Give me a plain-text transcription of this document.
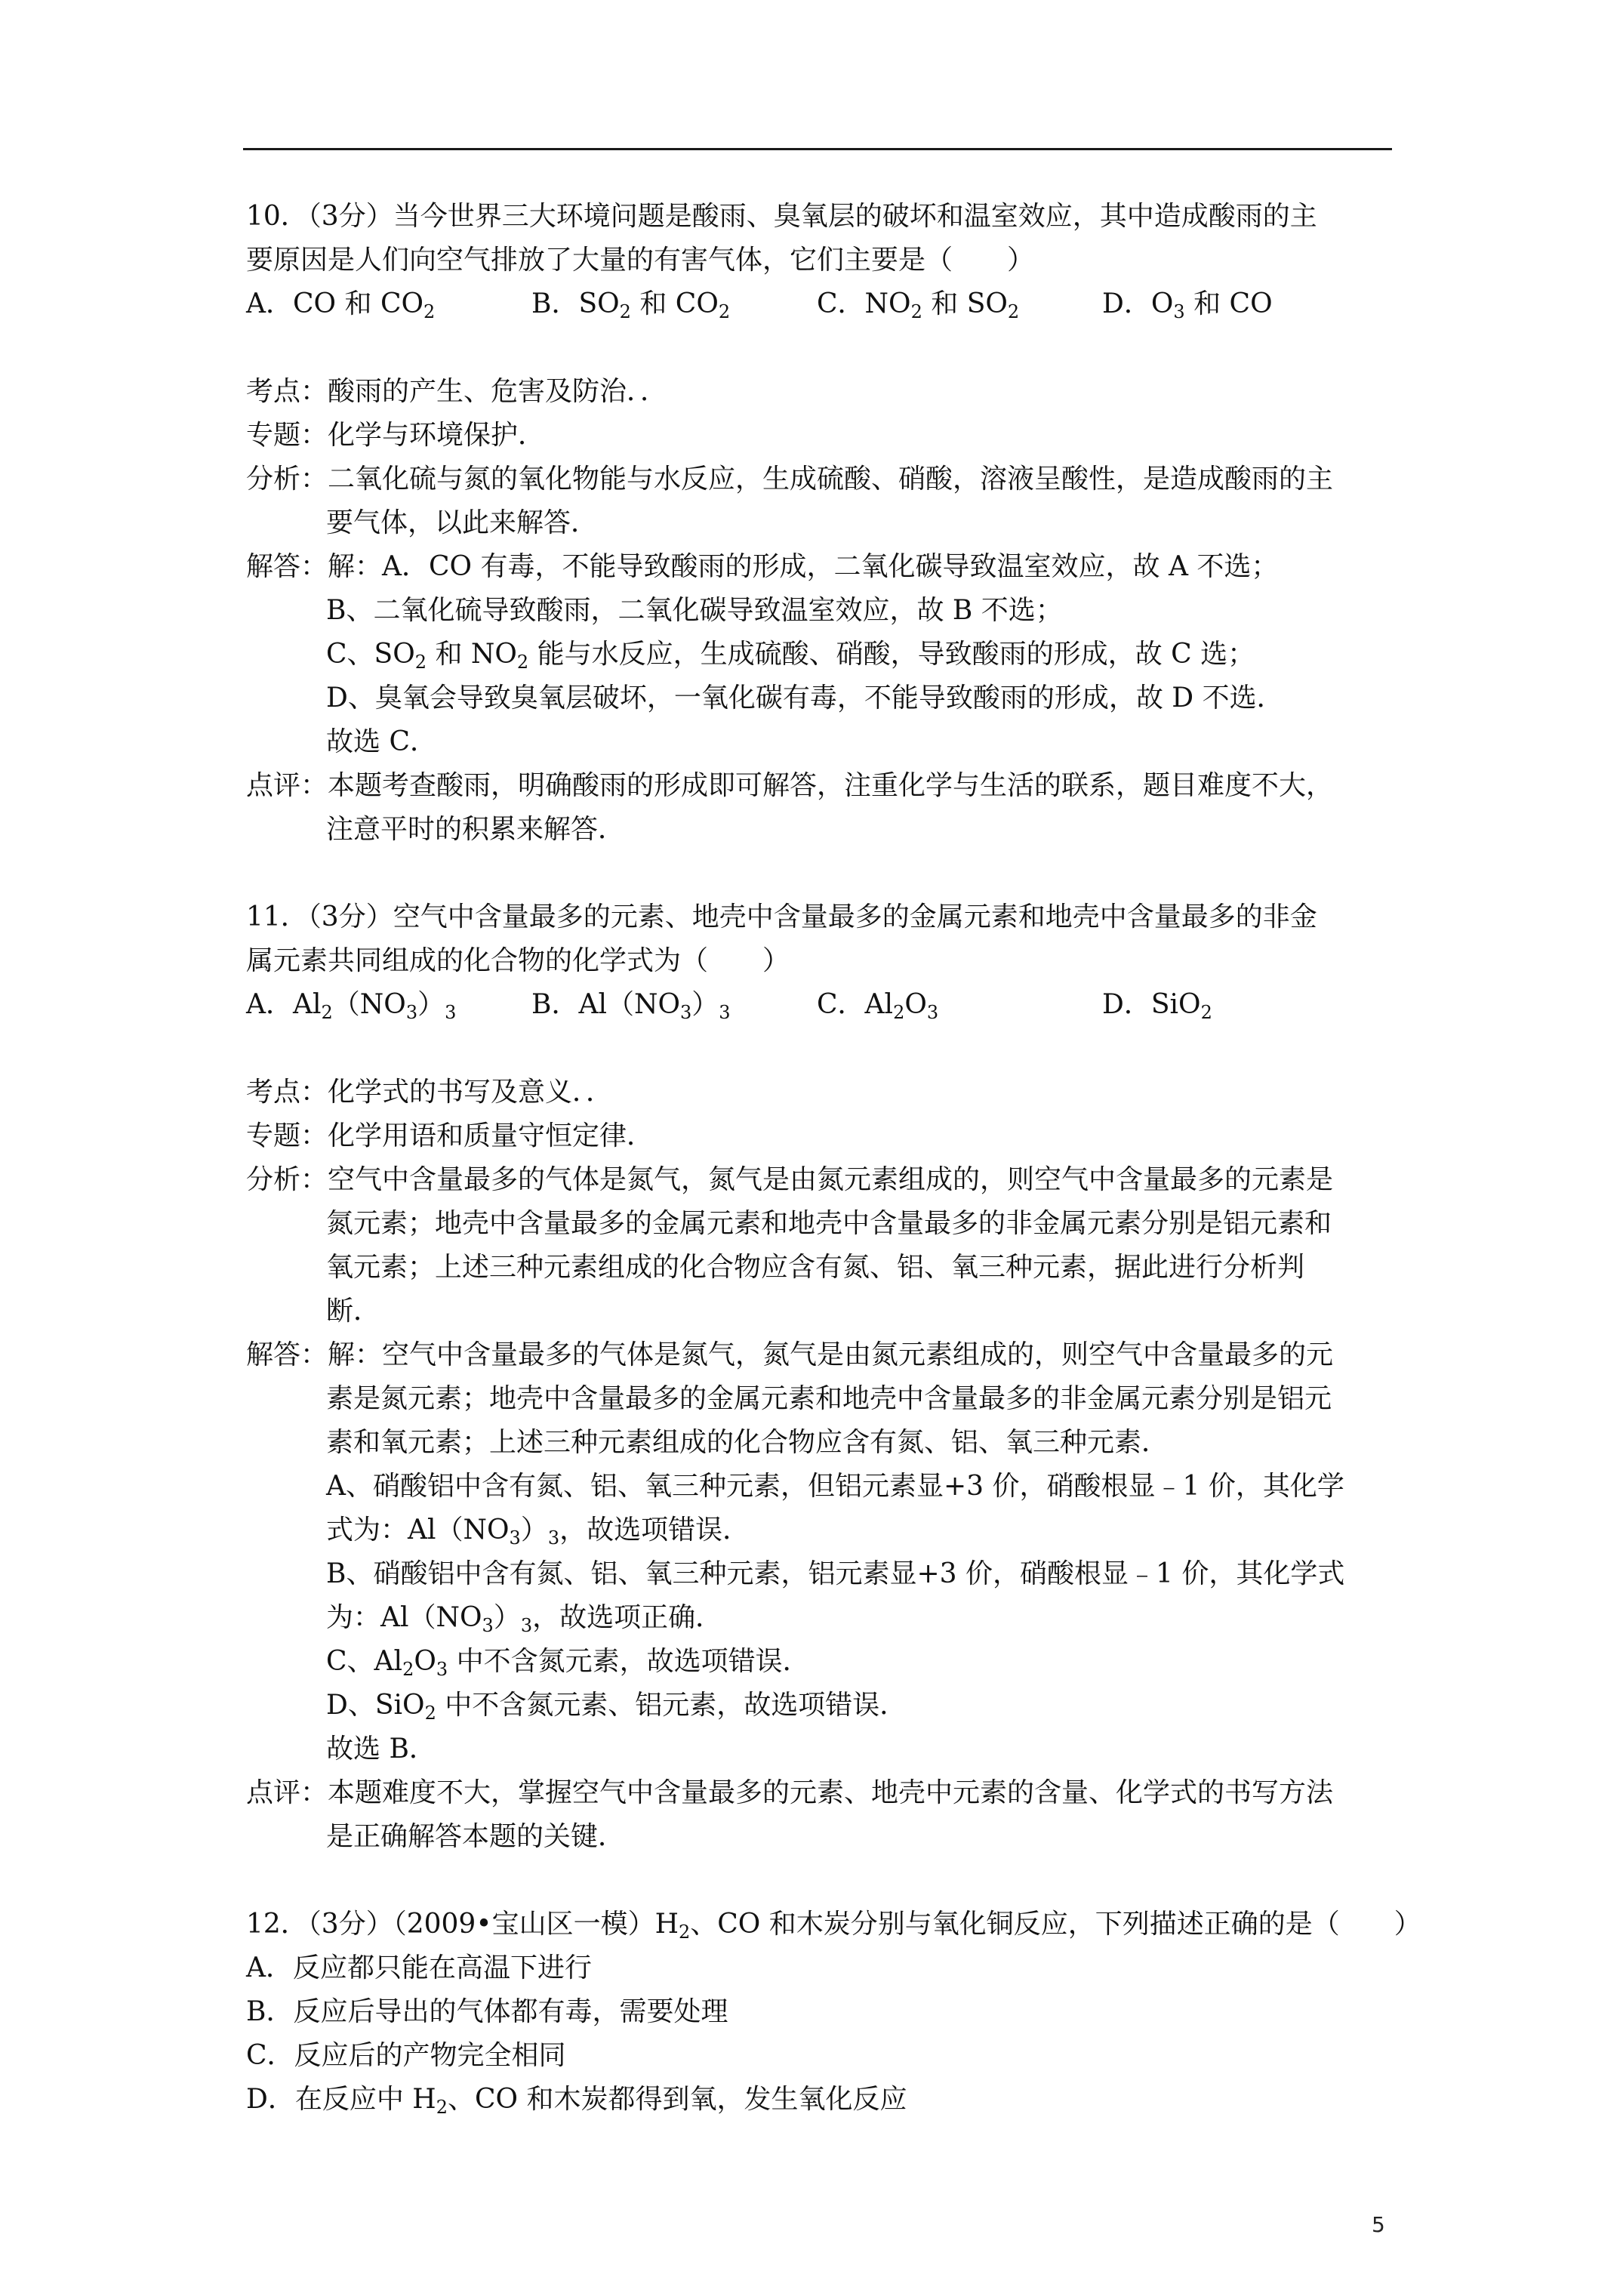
10．（3分）当今世界三大环境问题是酸雨、臭氧层的破坏和温室效应，其中造成酸雨的主
要原因是人们向空气排放了大量的有害气体，它们主要是（　　）
A．CO 和 $CO_2$	B．$SO_2$ 和 $CO_2$	C．$NO_2$ 和 $SO_2$	D．$O_3$ 和 CO
考点：酸雨的产生、危害及防治．．
专题：化学与环境保护．
分析：二氧化硫与氮的氧化物能与水反应，生成硫酸、硝酸，溶液呈酸性，是造成酸雨的主
要气体，以此来解答．
解答：解：A．CO 有毒，不能导致酸雨的形成，二氧化碳导致温室效应，故 A 不选；
B、二氧化硫导致酸雨，二氧化碳导致温室效应，故 B 不选；
C、$SO_2$ 和 $NO_2$ 能与水反应，生成硫酸、硝酸，导致酸雨的形成，故 C 选；
D、臭氧会导致臭氧层破坏，一氧化碳有毒，不能导致酸雨的形成，故 D 不选．
故选 C．
点评：本题考查酸雨，明确酸雨的形成即可解答，注重化学与生活的联系，题目难度不大，
注意平时的积累来解答．
11．（3分）空气中含量最多的元素、地壳中含量最多的金属元素和地壳中含量最多的非金
属元素共同组成的化合物的化学式为（　　）
A．$Al_2(NO_3)_3$	B．$Al(NO_3)_3$	C．$Al_2O_3$	D．SiO$_2$
考点：化学式的书写及意义．．
专题：化学用语和质量守恒定律．
分析：空气中含量最多的气体是氮气，氮气是由氮元素组成的，则空气中含量最多的元素是
氮元素；地壳中含量最多的金属元素和地壳中含量最多的非金属元素分别是铝元素和
氧元素；上述三种元素组成的化合物应含有氮、铝、氧三种元素，据此进行分析判
断．
解答：解：空气中含量最多的气体是氮气，氮气是由氮元素组成的，则空气中含量最多的元
素是氮元素；地壳中含量最多的金属元素和地壳中含量最多的非金属元素分别是铝元
素和氧元素；上述三种元素组成的化合物应含有氮、铝、氧三种元素．
A、硝酸铝中含有氮、铝、氧三种元素，但铝元素显+3 价，硝酸根显﹣1 价，其化学
式为：$Al(NO_3)_3$，故选项错误．
B、硝酸铝中含有氮、铝、氧三种元素，铝元素显+3 价，硝酸根显﹣1 价，其化学式
为：$Al(NO_3)_3$，故选项正确．
C、$Al_2O_3$ 中不含氮元素，故选项错误．
D、SiO$_2$ 中不含氮元素、铝元素，故选项错误．
故选 B．
点评：本题难度不大，掌握空气中含量最多的元素、地壳中元素的含量、化学式的书写方法
是正确解答本题的关键．
12．（3分）（2009•宝山区一模）$H_2$、CO 和木炭分别与氧化铜反应，下列描述正确的是（　　）
A．反应都只能在高温下进行
B．反应后导出的气体都有毒，需要处理
C．反应后的产物完全相同
D．在反应中 $H_2$、CO 和木炭都得到氧，发生氧化反应
5
